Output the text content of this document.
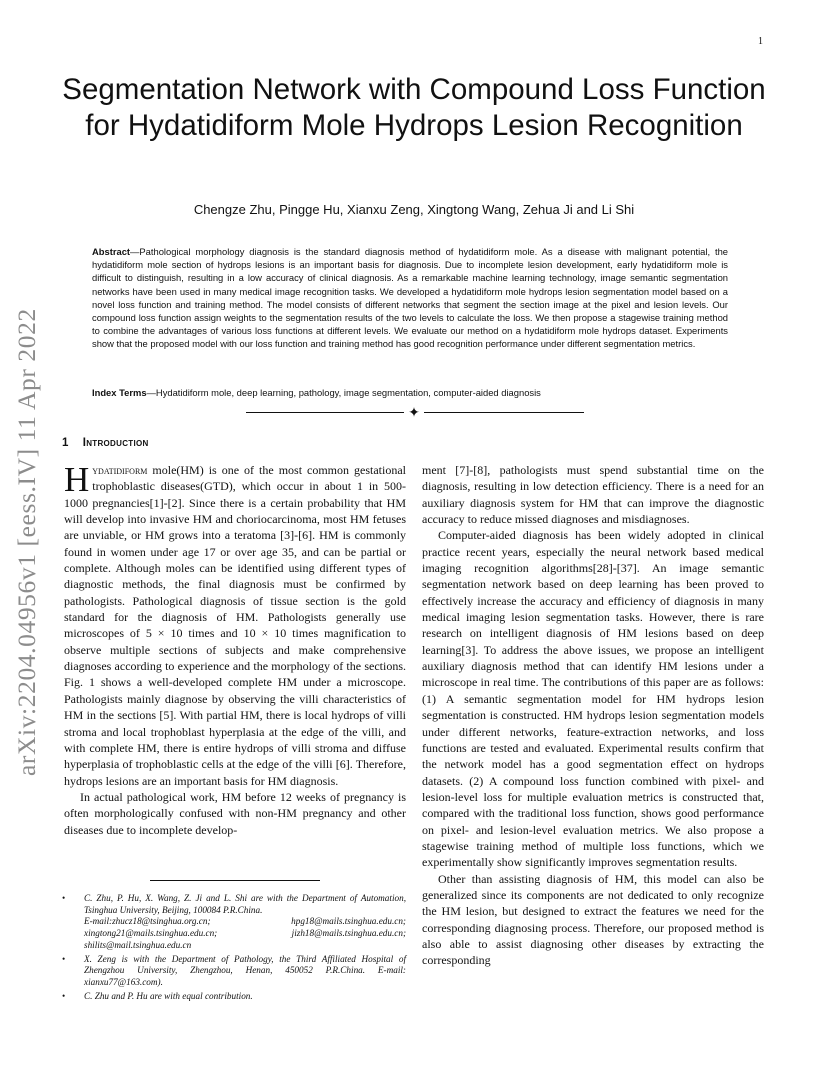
1
arXiv:2204.04956v1 [eess.IV] 11 Apr 2022
Segmentation Network with Compound Loss Function for Hydatidiform Mole Hydrops Lesion Recognition
Chengze Zhu, Pingge Hu, Xianxu Zeng, Xingtong Wang, Zehua Ji and Li Shi

Abstract—Pathological morphology diagnosis is the standard diagnosis method of hydatidiform mole. As a disease with malignant potential, the hydatidiform mole section of hydrops lesions is an important basis for diagnosis. Due to incomplete lesion development, early hydatidiform mole is difficult to distinguish, resulting in a low accuracy of clinical diagnosis. As a remarkable machine learning technology, image semantic segmentation networks have been used in many medical image recognition tasks. We developed a hydatidiform mole hydrops lesion segmentation model based on a novel loss function and training method. The model consists of different networks that segment the section image at the pixel and lesion levels. Our compound loss function assign weights to the segmentation results of the two levels to calculate the loss. We then propose a stagewise training method to combine the advantages of various loss functions at different levels. We evaluate our method on a hydatidiform mole hydrops dataset. Experiments show that the proposed model with our loss function and training method has good recognition performance under different segmentation metrics.

Index Terms—Hydatidiform mole, deep learning, pathology, image segmentation, computer-aided diagnosis

✦
1 Introduction

Hydatidiform mole(HM) is one of the most common gestational trophoblastic diseases(GTD), which occur in about 1 in 500-1000 pregnancies[1]-[2]. Since there is a certain probability that HM will develop into invasive HM and choriocarcinoma, most HM fetuses are unviable, or HM grows into a teratoma [3]-[6]. HM is commonly found in women under age 17 or over age 35, and can be partial or complete. Although moles can be identified using different types of diagnostic methods, the final diagnosis must be confirmed by pathologists. Pathological diagnosis of tissue section is the gold standard for the diagnosis of HM. Pathologists generally use microscopes of 5 × 10 times and 10 × 10 times magnification to observe multiple sections of subjects and make comprehensive diagnoses according to experience and the morphology of the sections. Fig. 1 shows a well-developed complete HM under a microscope. Pathologists mainly diagnose by observing the villi characteristics of HM in the sections [5]. With partial HM, there is local hydrops of villi stroma and local trophoblast hyperplasia at the edge of the villi, and with complete HM, there is entire hydrops of villi stroma and diffuse hyperplasia of trophoblastic cells at the edge of the villi [6]. Therefore, hydrops lesions are an important basis for HM diagnosis.

In actual pathological work, HM before 12 weeks of pregnancy is often morphologically confused with non-HM pregnancy and other diseases due to incomplete develop-

• C. Zhu, P. Hu, X. Wang, Z. Ji and L. Shi are with the Department of Automation, Tsinghua University, Beijing, 100084 P.R.China.
E-mail:zhucz18@tsinghua.org.cn;	hpg18@mails.tsinghua.edu.cn;
xingtong21@mails.tsinghua.edu.cn;	jizh18@mails.tsinghua.edu.cn;
shilits@mail.tsinghua.edu.cn
• X. Zeng is with the Department of Pathology, the Third Affiliated Hospital of Zhengzhou University, Zhengzhou, Henan, 450052 P.R.China. E-mail: xianxu77@163.com).
• C. Zhu and P. Hu are with equal contribution.

ment [7]-[8], pathologists must spend substantial time on the diagnosis, resulting in low detection efficiency. There is a need for an auxiliary diagnosis system for HM that can improve the diagnostic accuracy to reduce missed diagnoses and misdiagnoses.

Computer-aided diagnosis has been widely adopted in clinical practice recent years, especially the neural network based medical imaging recognition algorithms[28]-[37]. An image semantic segmentation network based on deep learning has been proved to effectively increase the accuracy and efficiency of diagnosis in many medical imaging lesion segmentation tasks. However, there is rare research on intelligent diagnosis of HM lesions based on deep learning[3]. To address the above issues, we propose an intelligent auxiliary diagnosis method that can identify HM lesions under a microscope in real time. The contributions of this paper are as follows: (1) A semantic segmentation model for HM hydrops lesion segmentation is constructed. HM hydrops lesion segmentation models under different networks, feature-extraction networks, and loss functions are tested and evaluated. Experimental results confirm that the network model has a good segmentation effect on hydrops datasets. (2) A compound loss function combined with pixel- and lesion-level loss for multiple evaluation metrics is constructed that, compared with the traditional loss function, shows good performance on pixel- and lesion-level evaluation metrics. We also propose a stagewise training method of multiple loss functions, which we experimentally show significantly improves segmentation results.

Other than assisting diagnosis of HM, this model can also be generalized since its components are not dedicated to only recognize the HM lesion, but designed to extract the features we need for the corresponding diagnosing process. Therefore, our proposed method is also able to assist diagnosing other diseases by extracting the corresponding
